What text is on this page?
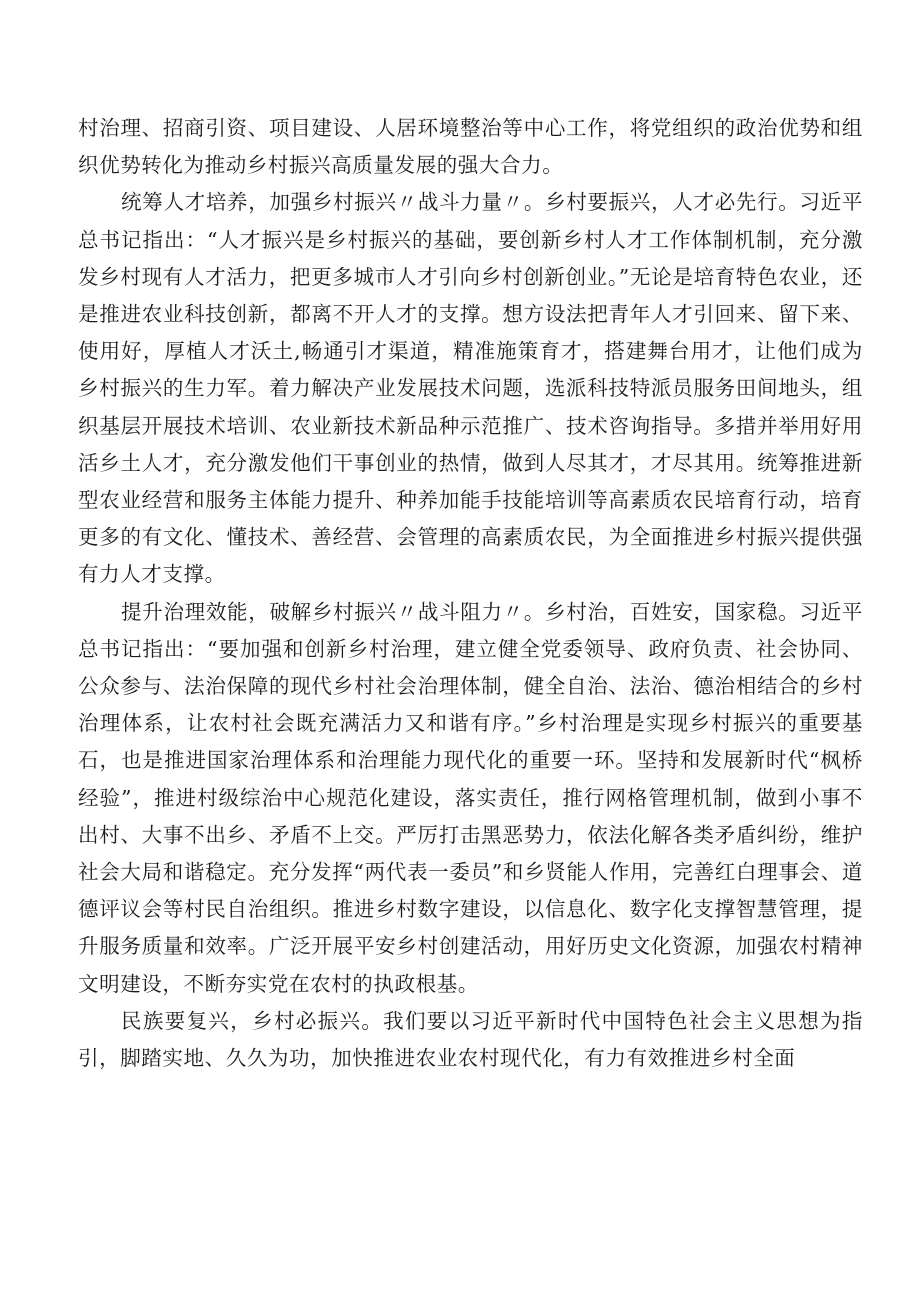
村治理、招商引资、项目建设、人居环境整治等中心工作，将党组织的政治优势和组织优势转化为推动乡村振兴高质量发展的强大合力。

统筹人才培养，加强乡村振兴〃战斗力量〃。乡村要振兴，人才必先行。习近平总书记指出：“人才振兴是乡村振兴的基础，要创新乡村人才工作体制机制，充分激发乡村现有人才活力，把更多城市人才引向乡村创新创业。”无论是培育特色农业，还是推进农业科技创新，都离不开人才的支撑。想方设法把青年人才引回来、留下来、使用好，厚植人才沃土,畅通引才渠道，精准施策育才，搭建舞台用才，让他们成为乡村振兴的生力军。着力解决产业发展技术问题，选派科技特派员服务田间地头，组织基层开展技术培训、农业新技术新品种示范推广、技术咨询指导。多措并举用好用活乡土人才，充分激发他们干事创业的热情，做到人尽其才，才尽其用。统筹推进新型农业经营和服务主体能力提升、种养加能手技能培训等高素质农民培育行动，培育更多的有文化、懂技术、善经营、会管理的高素质农民，为全面推进乡村振兴提供强有力人才支撑。

提升治理效能，破解乡村振兴〃战斗阻力〃。乡村治，百姓安，国家稳。习近平总书记指出：“要加强和创新乡村治理，建立健全党委领导、政府负责、社会协同、公众参与、法治保障的现代乡村社会治理体制，健全自治、法治、德治相结合的乡村治理体系，让农村社会既充满活力又和谐有序。”乡村治理是实现乡村振兴的重要基石，也是推进国家治理体系和治理能力现代化的重要一环。坚持和发展新时代“枫桥经验”，推进村级综治中心规范化建设，落实责任，推行网格管理机制，做到小事不出村、大事不出乡、矛盾不上交。严厉打击黑恶势力，依法化解各类矛盾纠纷，维护社会大局和谐稳定。充分发挥“两代表一委员”和乡贤能人作用，完善红白理事会、道德评议会等村民自治组织。推进乡村数字建设，以信息化、数字化支撑智慧管理，提升服务质量和效率。广泛开展平安乡村创建活动，用好历史文化资源，加强农村精神文明建设，不断夯实党在农村的执政根基。

民族要复兴，乡村必振兴。我们要以习近平新时代中国特色社会主义思想为指引，脚踏实地、久久为功，加快推进农业农村现代化，有力有效推进乡村全面
